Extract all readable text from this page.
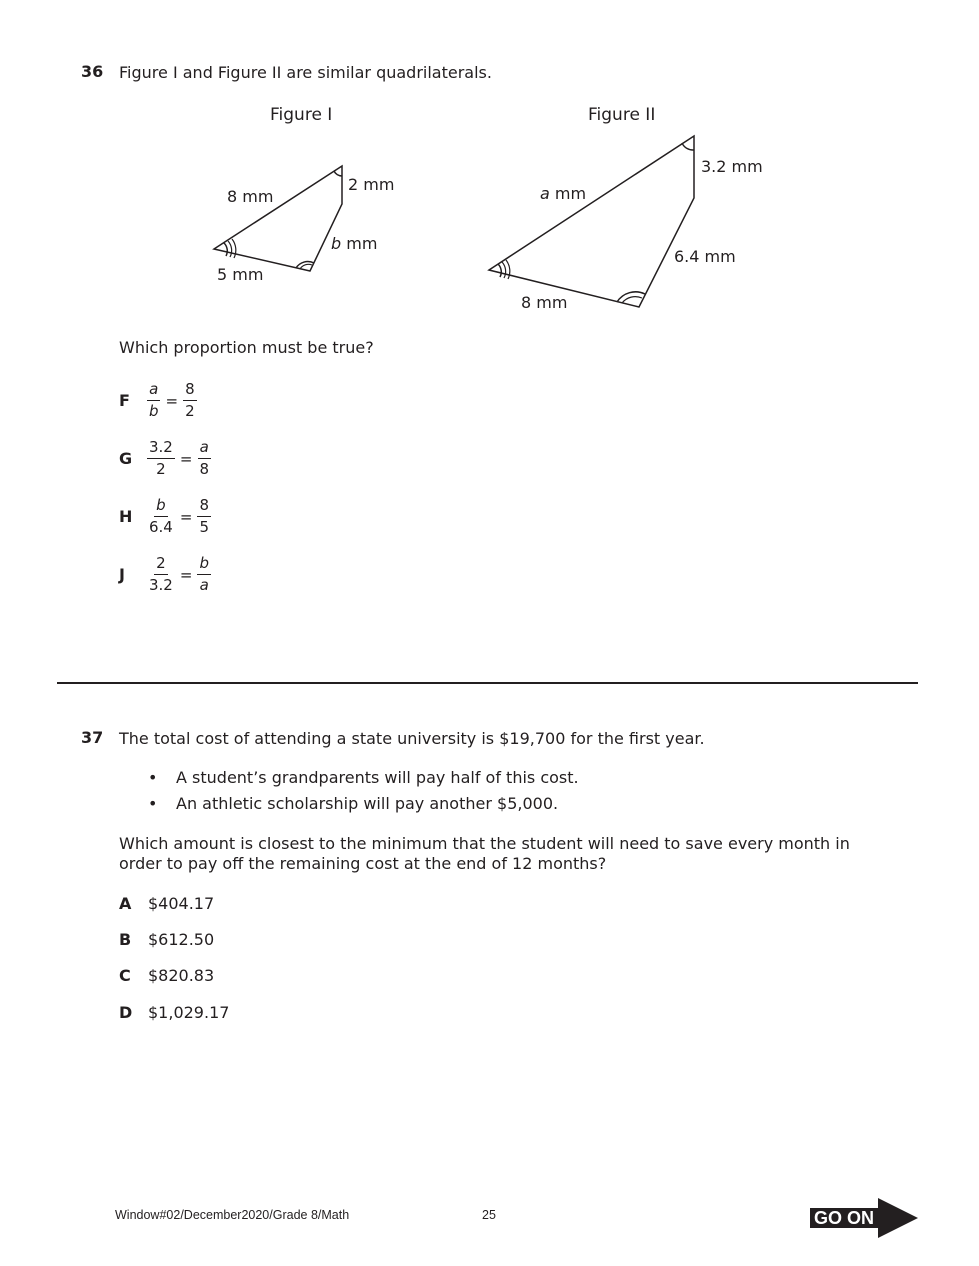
36 Figure I and Figure II are similar quadrilaterals.
Figure I
8 mm
2 mm
b mm
5 mm
Figure II
a mm
3.2 mm
6.4 mm
8 mm
Which proportion must be true?
F	$\frac{a}{b} = \frac{8}{2}$
G $\frac{3.2}{2} = \frac{a}{8}$
H $\frac{b}{6.4} = \frac{8}{5}$
J	$\frac{2}{3.2} = \frac{b}{a}$
37 The total cost of attending a state university is $19,700 for the first year.
•	A student’s grandparents will pay half of this cost.
•	An athletic scholarship will pay another $5,000.
Which amount is closest to the minimum that the student will need to save every month in
order to pay off the remaining cost at the end of 12 months?
A $404.17
B $612.50
C $820.83
D $1,029.17
Window#02/December2020/Grade 8/Math	25	GO ON
